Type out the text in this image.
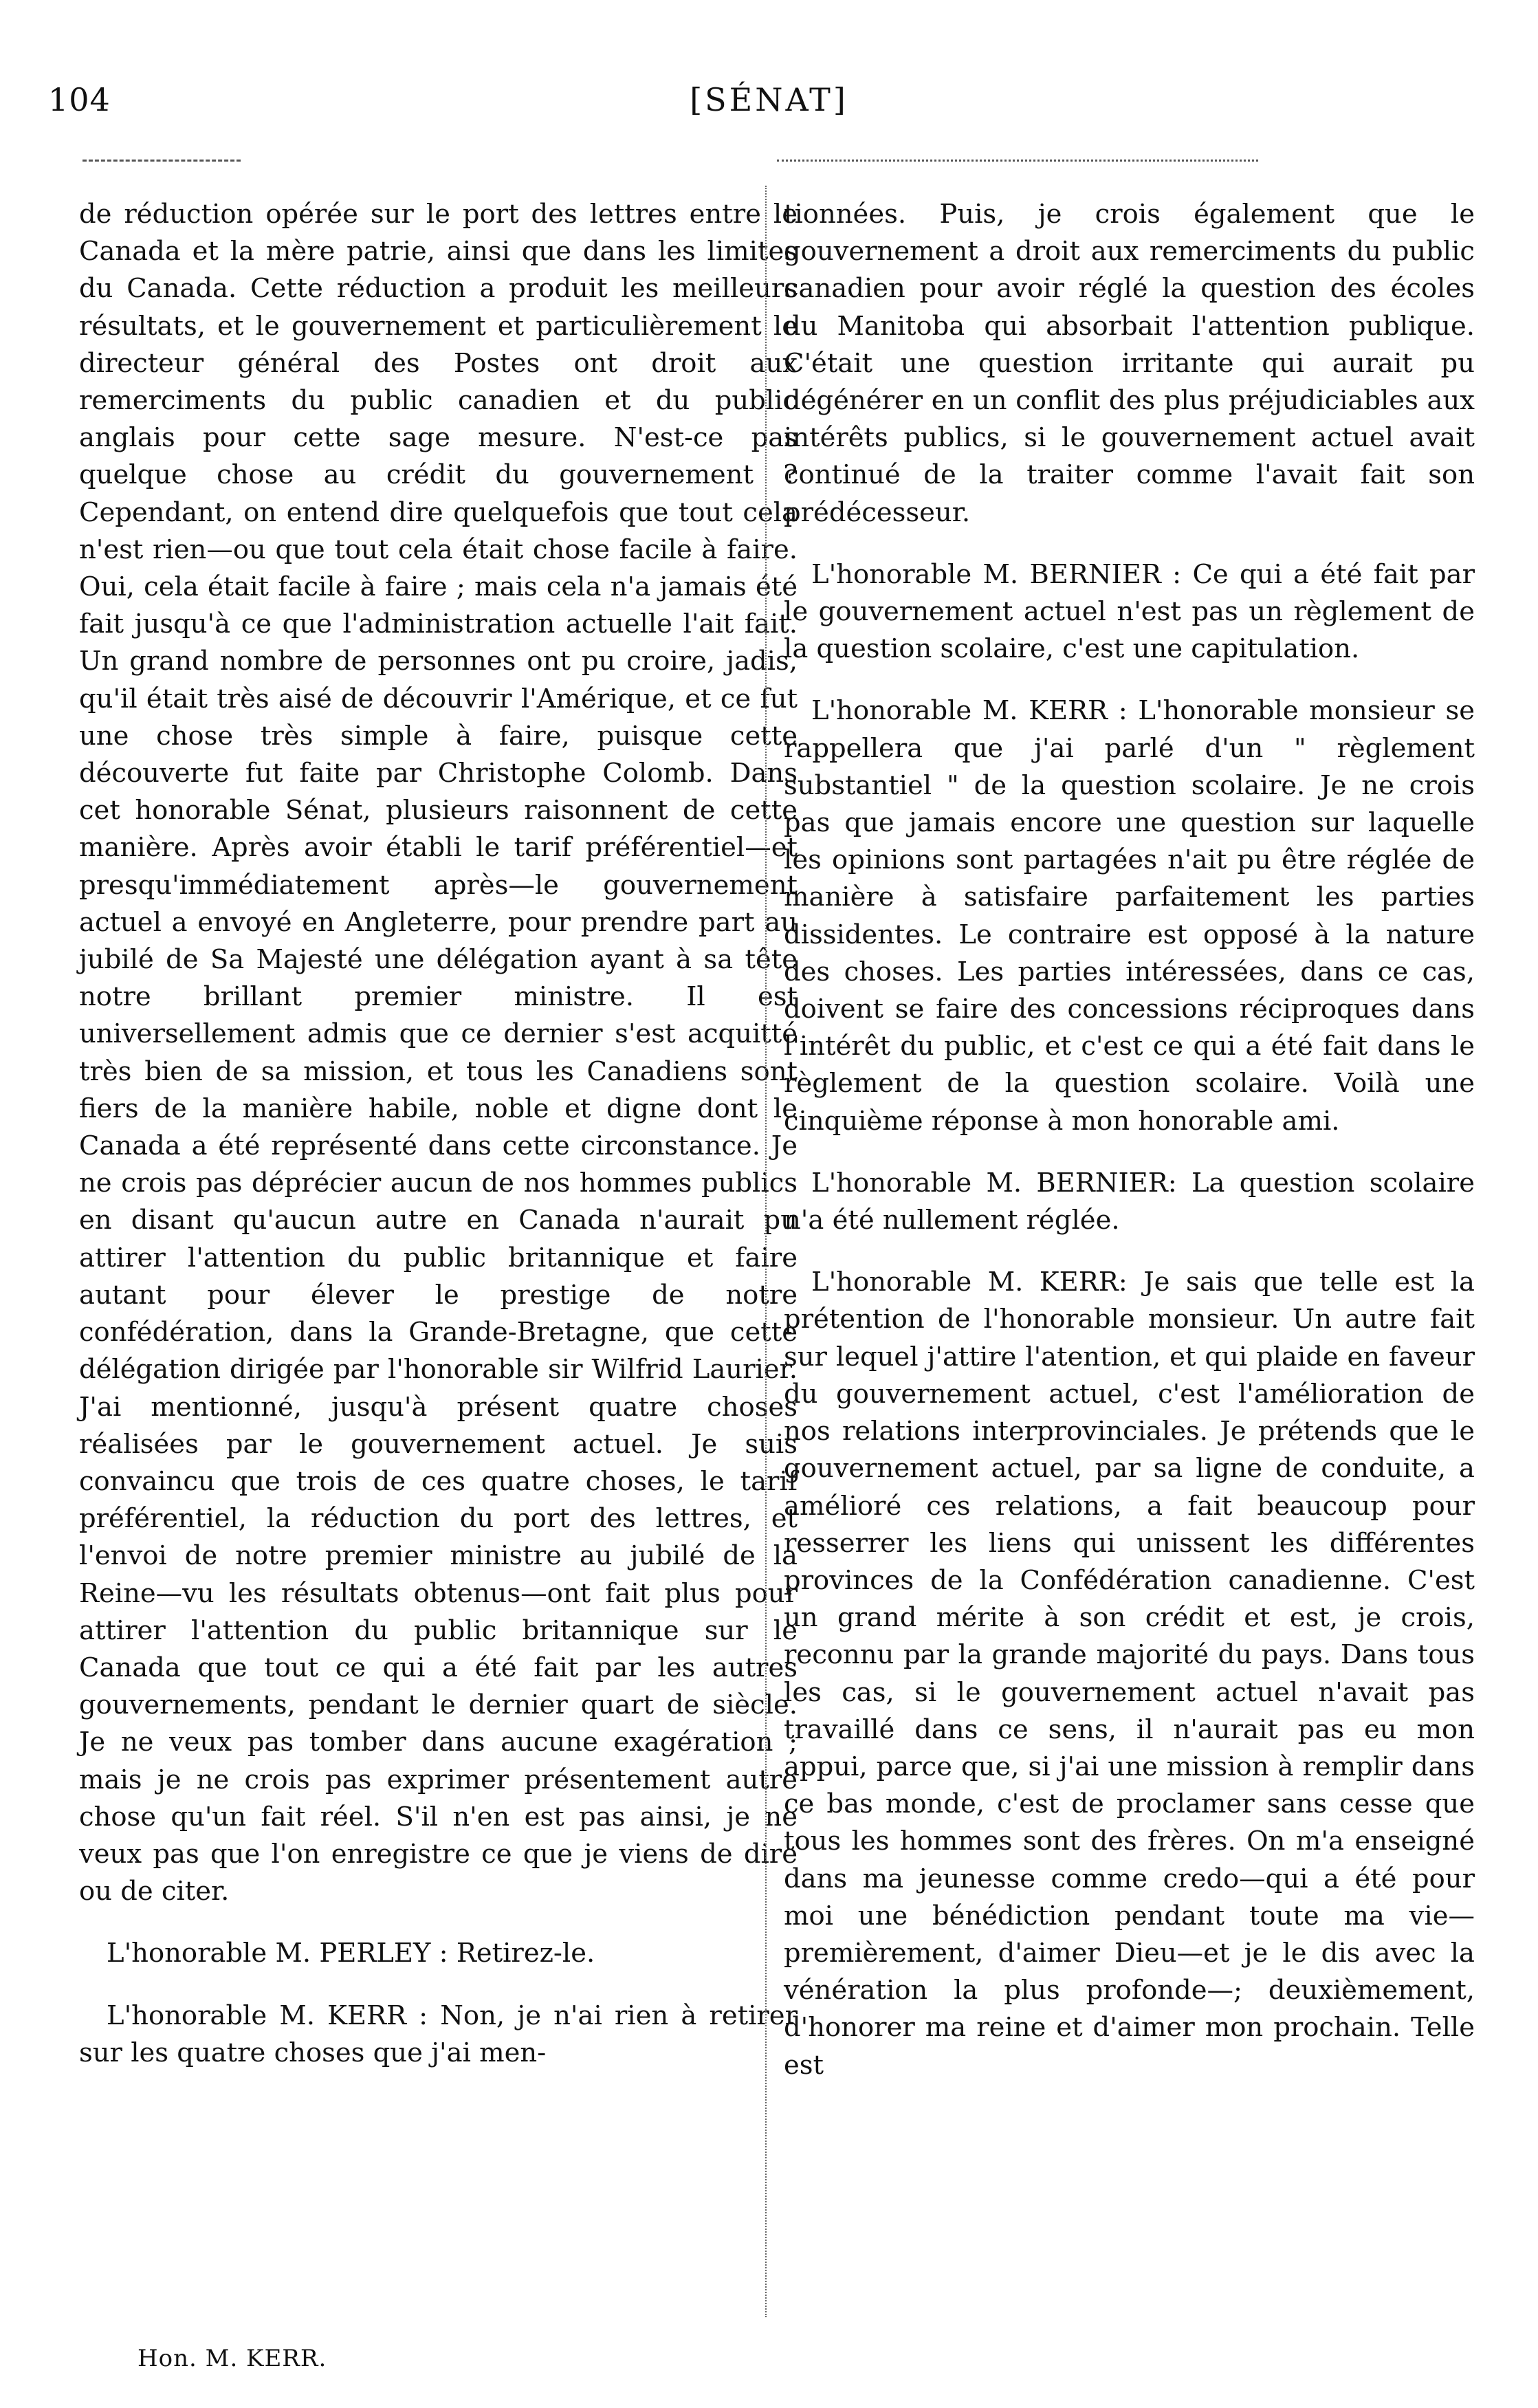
104	[SÉNAT]

de réduction opérée sur le port des lettres entre le Canada et la mère patrie, ainsi que dans les limites du Canada. Cette réduction a produit les meilleurs résultats, et le gouvernement et particulièrement le directeur général des Postes ont droit aux remerciments du public canadien et du public anglais pour cette sage mesure. N'est-ce pas quelque chose au crédit du gouvernement ? Cependant, on entend dire quelquefois que tout cela n'est rien—ou que tout cela était chose facile à faire. Oui, cela était facile à faire ; mais cela n'a jamais été fait jusqu'à ce que l'administration actuelle l'ait fait. Un grand nombre de personnes ont pu croire, jadis, qu'il était très aisé de découvrir l'Amérique, et ce fut une chose très simple à faire, puisque cette découverte fut faite par Christophe Colomb. Dans cet honorable Sénat, plusieurs raisonnent de cette manière. Après avoir établi le tarif préférentiel—et presqu'immédiatement après—le gouvernement actuel a envoyé en Angleterre, pour prendre part au jubilé de Sa Majesté une délégation ayant à sa tête notre brillant premier ministre. Il est universellement admis que ce dernier s'est acquitté très bien de sa mission, et tous les Canadiens sont fiers de la manière habile, noble et digne dont le Canada a été représenté dans cette circonstance. Je ne crois pas déprécier aucun de nos hommes publics en disant qu'aucun autre en Canada n'aurait pu attirer l'attention du public britannique et faire autant pour élever le prestige de notre confédération, dans la Grande-Bretagne, que cette délégation dirigée par l'honorable sir Wilfrid Laurier. J'ai mentionné, jusqu'à présent quatre choses réalisées par le gouvernement actuel. Je suis convaincu que trois de ces quatre choses, le tarif préférentiel, la réduction du port des lettres, et l'envoi de notre premier ministre au jubilé de la Reine—vu les résultats obtenus—ont fait plus pour attirer l'attention du public britannique sur le Canada que tout ce qui a été fait par les autres gouvernements, pendant le dernier quart de siècle. Je ne veux pas tomber dans aucune exagération ; mais je ne crois pas exprimer présentement autre chose qu'un fait réel. S'il n'en est pas ainsi, je ne veux pas que l'on enregistre ce que je viens de dire ou de citer.

L'honorable M. PERLEY : Retirez-le.

L'honorable M. KERR : Non, je n'ai rien à retirer sur les quatre choses que j'ai men-

tionnées. Puis, je crois également que le gouvernement a droit aux remerciments du public canadien pour avoir réglé la question des écoles du Manitoba qui absorbait l'attention publique. C'était une question irritante qui aurait pu dégénérer en un conflit des plus préjudiciables aux intérêts publics, si le gouvernement actuel avait continué de la traiter comme l'avait fait son prédécesseur.

L'honorable M. BERNIER : Ce qui a été fait par le gouvernement actuel n'est pas un règlement de la question scolaire, c'est une capitulation.

L'honorable M. KERR : L'honorable monsieur se rappellera que j'ai parlé d'un " règlement substantiel " de la question scolaire. Je ne crois pas que jamais encore une question sur laquelle les opinions sont partagées n'ait pu être réglée de manière à satisfaire parfaitement les parties dissidentes. Le contraire est opposé à la nature des choses. Les parties intéressées, dans ce cas, doivent se faire des concessions réciproques dans l'intérêt du public, et c'est ce qui a été fait dans le règlement de la question scolaire. Voilà une cinquième réponse à mon honorable ami.

L'honorable M. BERNIER: La question scolaire n'a été nullement réglée.

L'honorable M. KERR: Je sais que telle est la prétention de l'honorable monsieur. Un autre fait sur lequel j'attire l'atention, et qui plaide en faveur du gouvernement actuel, c'est l'amélioration de nos relations interprovinciales. Je prétends que le gouvernement actuel, par sa ligne de conduite, a amélioré ces relations, a fait beaucoup pour resserrer les liens qui unissent les différentes provinces de la Confédération canadienne. C'est un grand mérite à son crédit et est, je crois, reconnu par la grande majorité du pays. Dans tous les cas, si le gouvernement actuel n'avait pas travaillé dans ce sens, il n'aurait pas eu mon appui, parce que, si j'ai une mission à remplir dans ce bas monde, c'est de proclamer sans cesse que tous les hommes sont des frères. On m'a enseigné dans ma jeunesse comme credo—qui a été pour moi une bénédiction pendant toute ma vie—premièrement, d'aimer Dieu—et je le dis avec la vénération la plus profonde—; deuxièmement, d'honorer ma reine et d'aimer mon prochain. Telle est

Hon. M. KERR.
